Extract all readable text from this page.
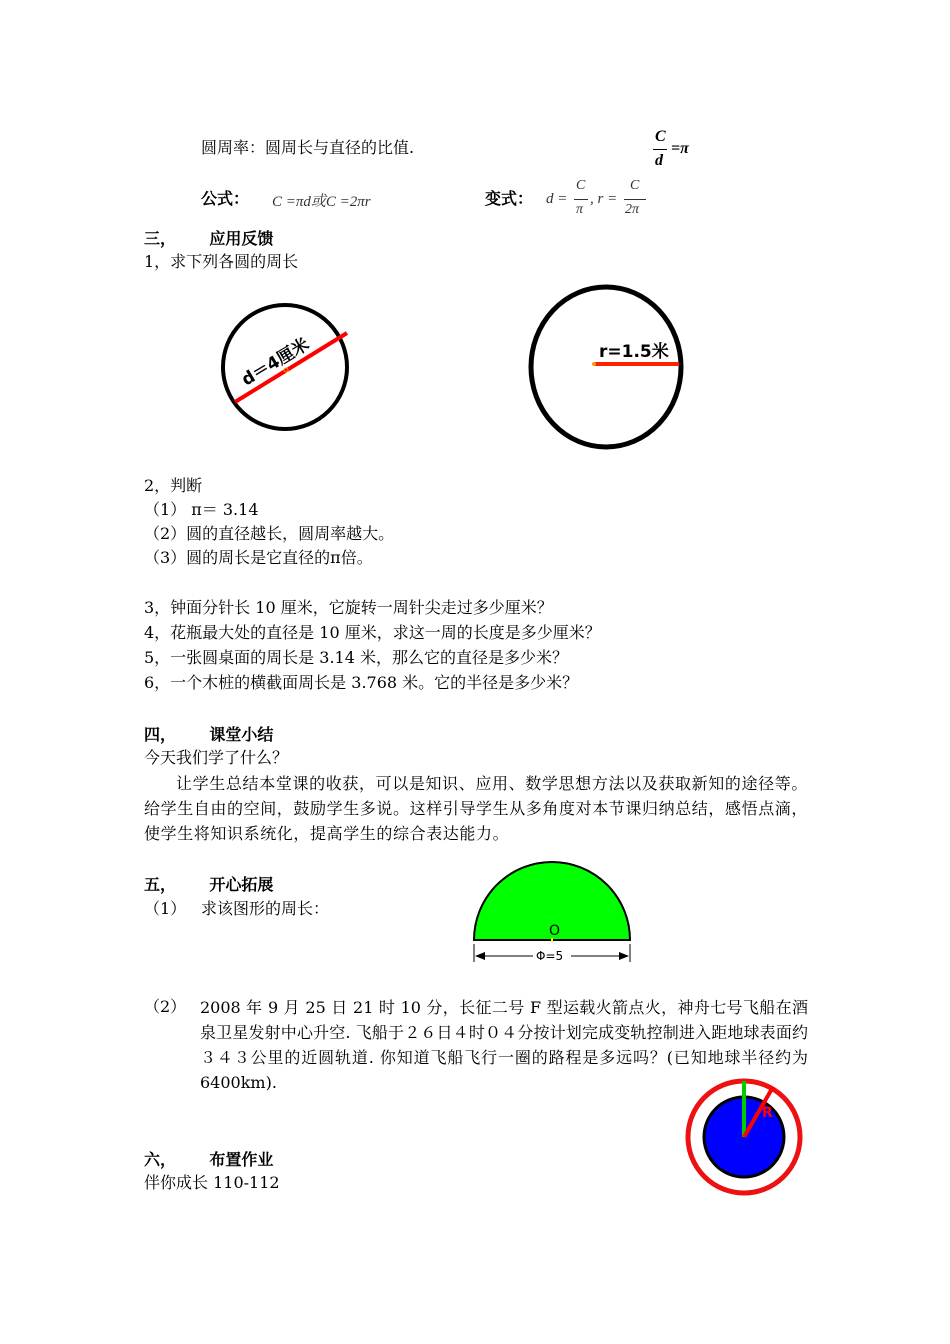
圆周率：圆周长与直径的比值.
C
d
=π
公式： C =πd或C =2πr	变式： d =
C
π
, r =
C
2π
三，      应用反馈
1，求下列各圆的周长
d＝4厘米	r=1.5米
2，判断
（1） π＝ 3.14
（2）圆的直径越长，圆周率越大。
（3）圆的周长是它直径的π倍。
3，钟面分针长 10 厘米，它旋转一周针尖走过多少厘米？
4，花瓶最大处的直径是 10 厘米，求这一周的长度是多少厘米？
5，一张圆桌面的周长是 3.14 米，那么它的直径是多少米？
6，一个木桩的横截面周长是 3.768 米。它的半径是多少米？
四，      课堂小结
今天我们学了什么？
让学生总结本堂课的收获，可以是知识、应用、数学思想方法以及获取新知的途径等。给学生自由的空间，鼓励学生多说。这样引导学生从多角度对本节课归纳总结，感悟点滴，使学生将知识系统化，提高学生的综合表达能力。
五，      开心拓展
（1） 求该图形的周长：
O
Φ=5
（2） 2008 年 9 月 25 日 21 时 10 分，长征二号 F 型运载火箭点火，神舟七号飞船在酒泉卫星发射中心升空. 飞船于２６日４时０４分按计划完成变轨控制进入距地球表面约３４３公里的近圆轨道. 你知道飞船飞行一圈的路程是多远吗？(已知地球半径约为 6400km).
R
六，      布置作业
伴你成长 110-112
